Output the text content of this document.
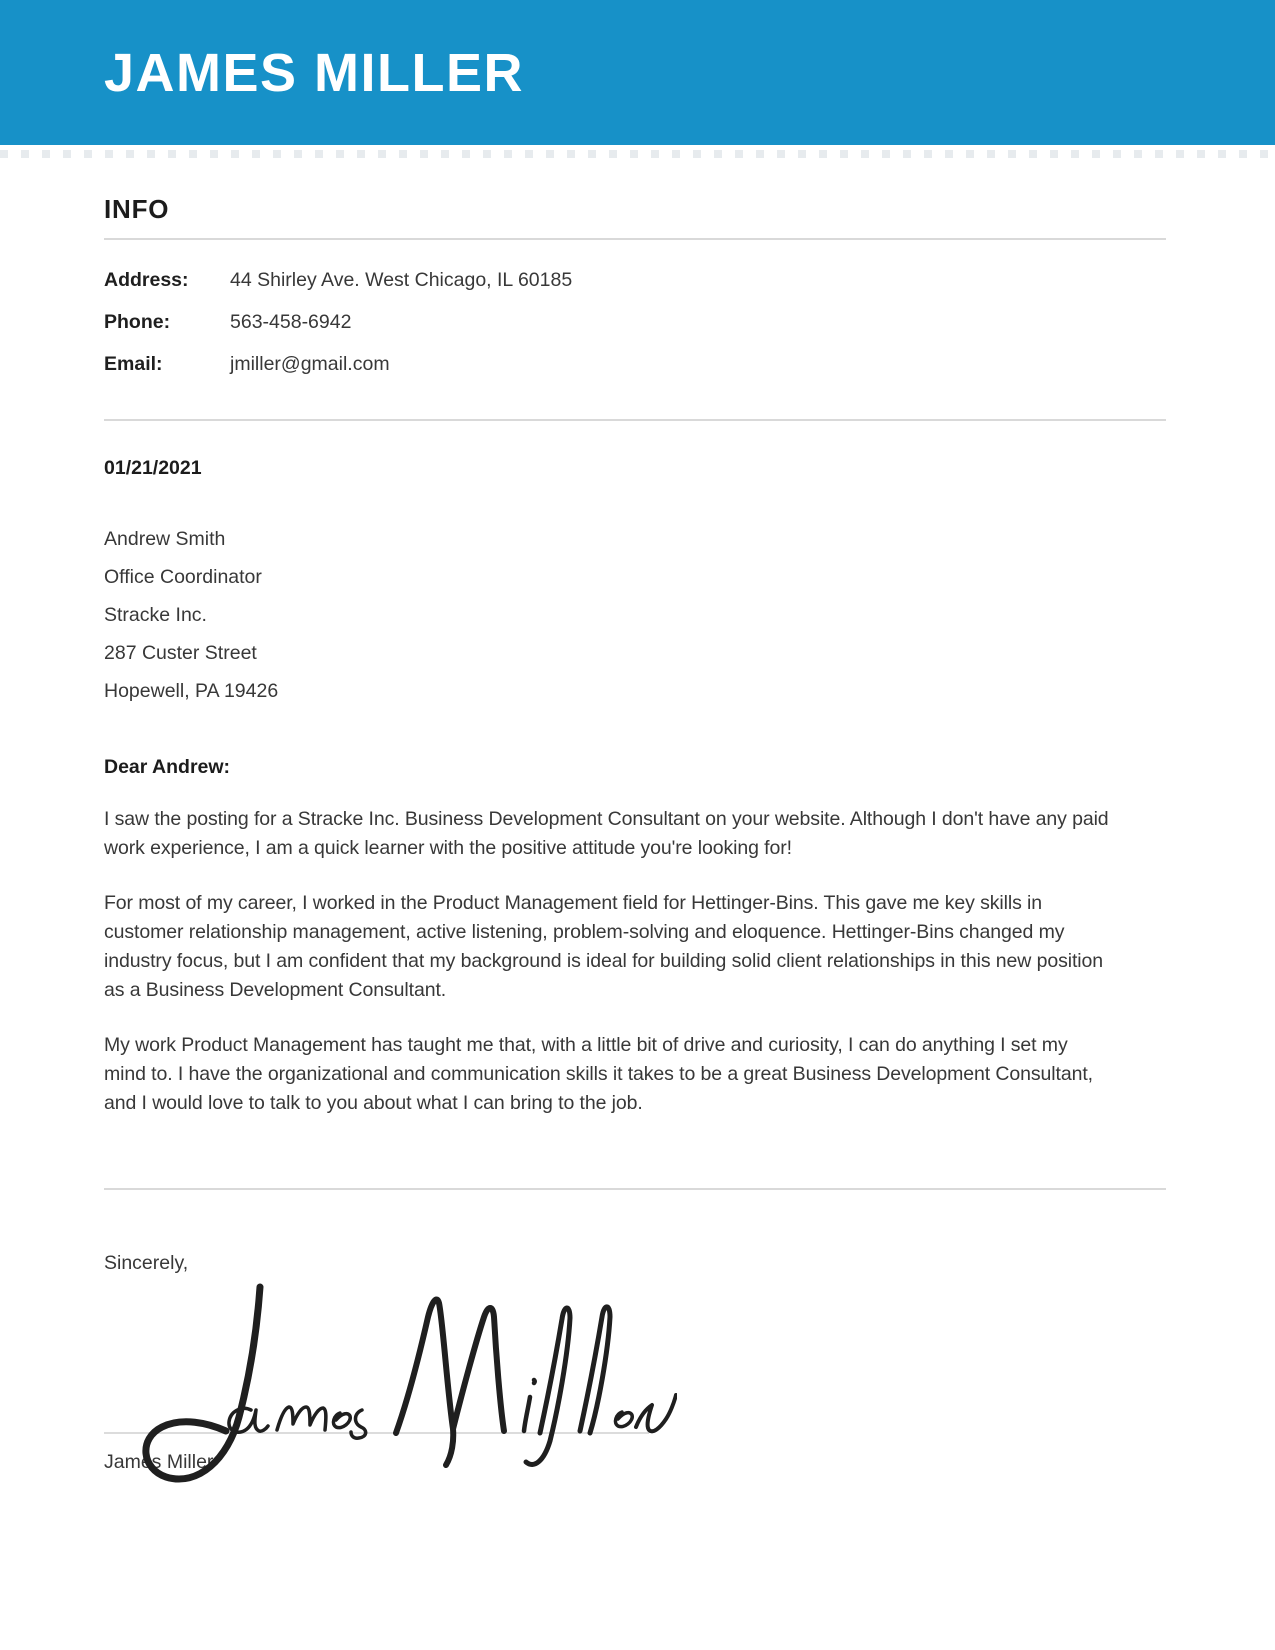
JAMES MILLER
INFO
Address:	44 Shirley Ave. West Chicago, IL 60185
Phone:	563-458-6942
Email:	jmiller@gmail.com
01/21/2021
Andrew Smith
Office Coordinator
Stracke Inc.
287 Custer Street
Hopewell, PA 19426
Dear Andrew:
I saw the posting for a Stracke Inc. Business Development Consultant on your website. Although I don't have any paid work experience, I am a quick learner with the positive attitude you're looking for!
For most of my career, I worked in the Product Management field for Hettinger-Bins. This gave me key skills in customer relationship management, active listening, problem-solving and eloquence. Hettinger-Bins changed my industry focus, but I am confident that my background is ideal for building solid client relationships in this new position as a Business Development Consultant.
My work Product Management has taught me that, with a little bit of drive and curiosity, I can do anything I set my mind to. I have the organizational and communication skills it takes to be a great Business Development Consultant, and I would love to talk to you about what I can bring to the job.
Sincerely,
James Miller
